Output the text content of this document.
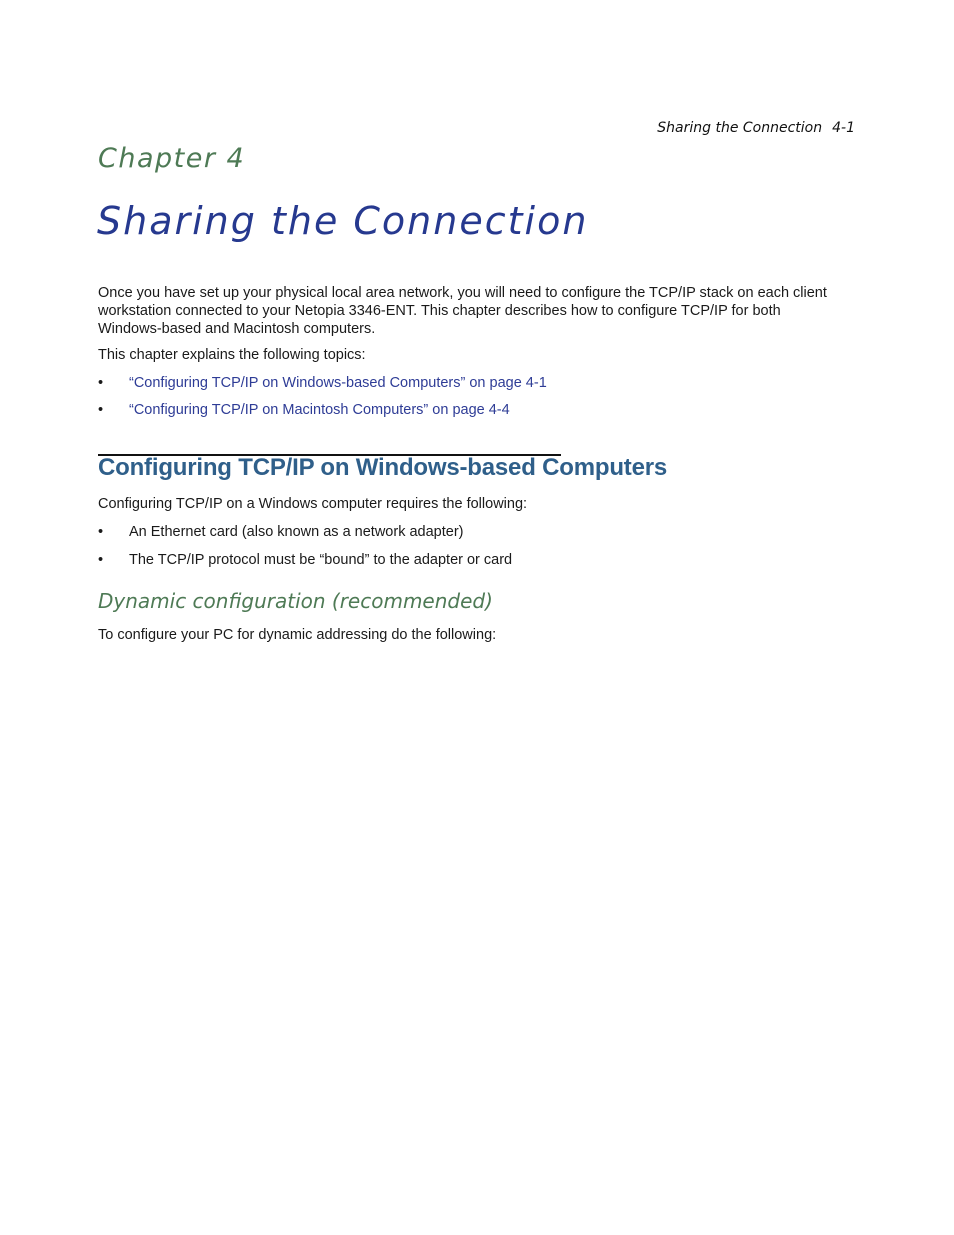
Sharing the Connection 4-1
Chapter 4
Sharing the Connection

Once you have set up your physical local area network, you will need to configure the TCP/IP stack on each client workstation connected to your Netopia 3346-ENT. This chapter describes how to configure TCP/IP for both Windows-based and Macintosh computers.

This chapter explains the following topics:

• “Configuring TCP/IP on Windows-based Computers” on page 4-1
• “Configuring TCP/IP on Macintosh Computers” on page 4-4
Configuring TCP/IP on Windows-based Computers

Configuring TCP/IP on a Windows computer requires the following:

• An Ethernet card (also known as a network adapter)
• The TCP/IP protocol must be “bound” to the adapter or card
Dynamic configuration (recommended)

To configure your PC for dynamic addressing do the following:
